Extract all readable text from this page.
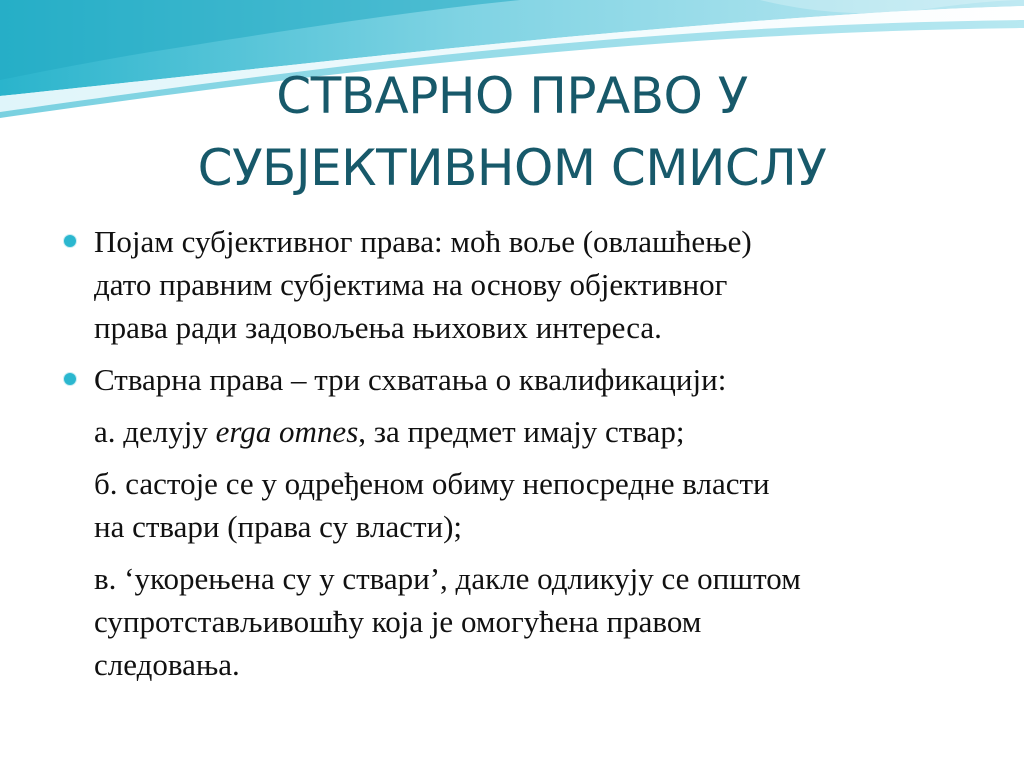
СТВАРНО ПРАВО У
СУБЈЕКТИВНОМ СМИСЛУ
Појам субјективног права: моћ воље (овлашћење)
дато правним субјектима на основу објективног
права ради задовољења њихових интереса.
Стварна права – три схватања о квалификацији:
а. делују erga omnes, за предмет имају ствар;
б. састоје се у одређеном обиму непосредне власти
на ствари (права су власти);
в. ‘укорењена су у ствари’, дакле одликују се општом
супротстављивошћу која је омогућена правом
следовања.
